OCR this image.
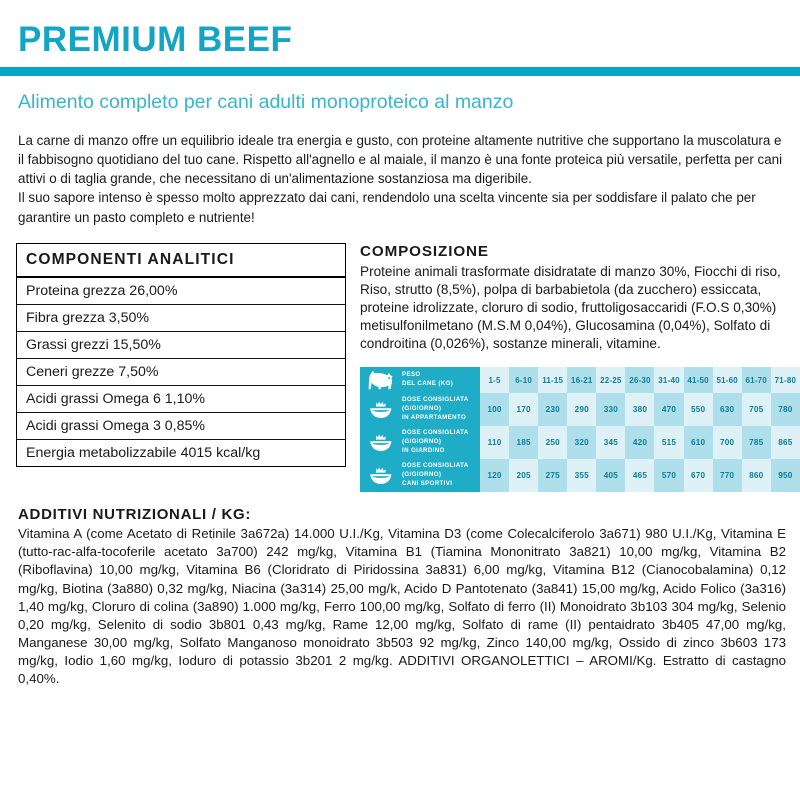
PREMIUM BEEF
Alimento completo per cani adulti monoproteico al manzo

La carne di manzo offre un equilibrio ideale tra energia e gusto, con proteine altamente nutritive che supportano la muscolatura e il fabbisogno quotidiano del tuo cane. Rispetto all'agnello e al maiale, il manzo è una fonte proteica più versatile, perfetta per cani attivi o di taglia grande, che necessitano di un'alimentazione sostanziosa ma digeribile.

Il suo sapore intenso è spesso molto apprezzato dai cani, rendendolo una scelta vincente sia per soddisfare il palato che per garantire un pasto completo e nutriente!

COMPONENTI ANALITICI
Proteina grezza 26,00%
Fibra grezza 3,50%
Grassi grezzi 15,50%
Ceneri grezze 7,50%
Acidi grassi Omega 6 1,10%
Acidi grassi Omega 3 0,85%
Energia metabolizzabile 4015 kcal/kg
COMPOSIZIONE
Proteine animali trasformate disidratate di manzo 30%, Fiocchi di riso, Riso, strutto (8,5%), polpa di barbabietola (da zucchero) essiccata, proteine idrolizzate, cloruro di sodio, fruttoligosaccaridi (F.O.S 0,30%) metisulfonilmetano (M.S.M 0,04%), Glucosamina (0,04%), Solfato di condroitina (0,026%), sostanze minerali, vitamine.
	PESO
DEL CANE (KG)	1-5	6-10	11-15	16-21	22-25	26-30	31-40	41-50	51-60	61-70	71-80

	DOSE CONSIGLIATA
(G/GIORNO)
IN APPARTAMENTO	100	170	230	290	330	380	470	550	630	705	780

	DOSE CONSIGLIATA
(G/GIORNO)
IN GIARDINO	110	185	250	320	345	420	515	610	700	785	865

	DOSE CONSIGLIATA
(G/GIORNO)
CANI SPORTIVI	120	205	275	355	405	465	570	670	770	860	950
ADDITIVI NUTRIZIONALI / KG:
Vitamina A (come Acetato di Retinile 3a672a) 14.000 U.I./Kg, Vitamina D3 (come Colecalciferolo 3a671) 980 U.I./Kg, Vitamina E (tutto-rac-alfa-tocoferile acetato 3a700) 242 mg/kg, Vitamina B1 (Tiamina Mononitrato 3a821) 10,00 mg/kg, Vitamina B2 (Riboflavina) 10,00 mg/kg, Vitamina B6 (Cloridrato di Piridossina 3a831) 6,00 mg/kg, Vitamina B12 (Cianocobalamina) 0,12 mg/kg, Biotina (3a880) 0,32 mg/kg, Niacina (3a314) 25,00 mg/k, Acido D Pantotenato (3a841) 15,00 mg/kg, Acido Folico (3a316) 1,40 mg/kg, Cloruro di colina (3a890) 1.000 mg/kg, Ferro 100,00 mg/kg, Solfato di ferro (II) Monoidrato 3b103 304 mg/kg, Selenio 0,20 mg/kg, Selenito di sodio 3b801 0,43 mg/kg, Rame 12,00 mg/kg, Solfato di rame (II) pentaidrato 3b405 47,00 mg/kg, Manganese 30,00 mg/kg, Solfato Manganoso monoidrato 3b503 92 mg/kg, Zinco 140,00 mg/kg, Ossido di zinco 3b603 173 mg/kg, Iodio 1,60 mg/kg, Ioduro di potassio 3b201 2 mg/kg. ADDITIVI ORGANOLETTICI – AROMI/Kg. Estratto di castagno 0,40%.
